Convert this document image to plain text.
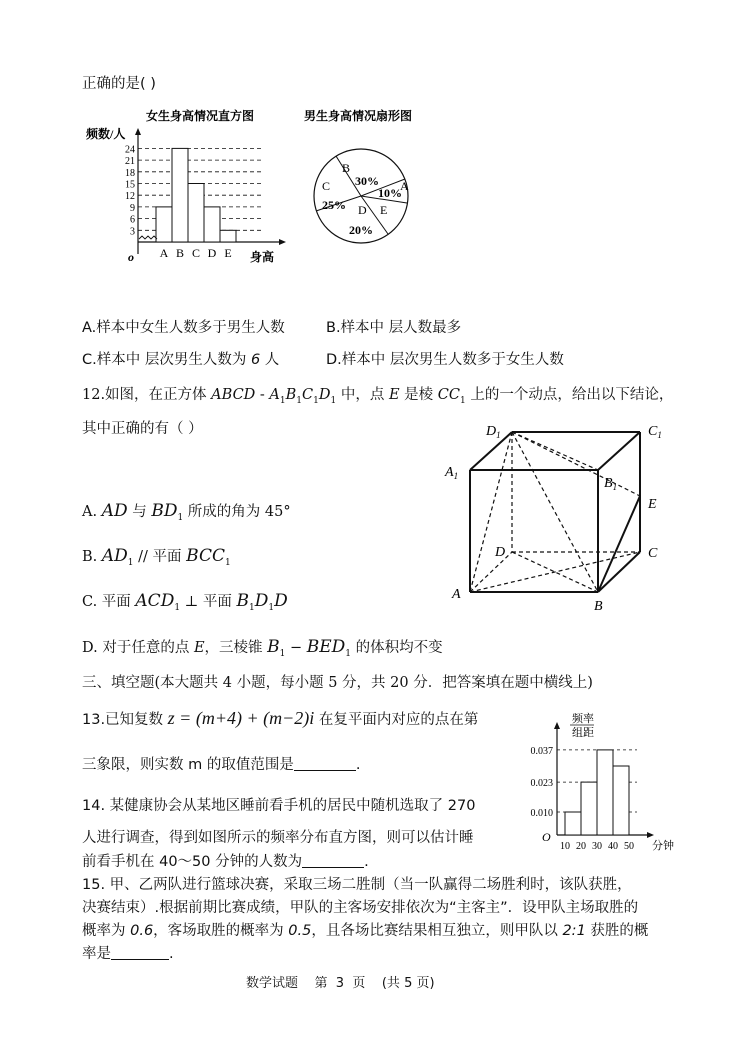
正确的是( )
女生身高情况直方图
频数/人
24
21
18
15
12
9
6
3
A B C D E
o	身高
男生身高情况扇形图
B
30% A
10%
C
25% D E
20%
A.样本中女生人数多于男生人数	B.样本中 层人数最多
C.样本中 层次男生人数为 6 人	D.样本中 层次男生人数多于女生人数
12.如图，在正方体 ABCD - $A_1B_1C_1D_1$ 中，点 E 是棱 $CC_1$ 上的一个动点，给出以下结论，
其中正确的有（ ）
A. AD 与 $BD_1$ 所成的角为 45°
B. $AD_1$ // 平面 $BCC_1$
C. 平面 $ACD_1$ ⊥ 平面 $B_1D_1D$
D. 对于任意的点 E，三棱锥 $B_1 - BED_1$ 的体积均不变
$D_1$	$C_1$
$A_1$	$B_1$
E
D	C
A
B
三、填空题(本大题共 4 小题，每小题 5 分，共 20 分．把答案填在题中横线上)
13.已知复数 z = (m+4) + (m−2)i 在复平面内对应的点在第
三象限，则实数 m 的取值范围是	.
频率
组距
0.037
0.023
0.010
10 20 30 40 50
O
分钟
14. 某健康协会从某地区睡前看手机的居民中随机选取了 270
人进行调查，得到如图所示的频率分布直方图，则可以估计睡
前看手机在 40～50 分钟的人数为	.
15. 甲、乙两队进行篮球决赛，采取三场二胜制（当一队赢得二场胜利时，该队获胜，
决赛结束）.根据前期比赛成绩，甲队的主客场安排依次为“主客主”．设甲队主场取胜的
概率为 0.6，客场取胜的概率为 0.5，且各场比赛结果相互独立，则甲队以 2:1 获胜的概
率是	.
数学试题    第  3  页    (共 5 页)
